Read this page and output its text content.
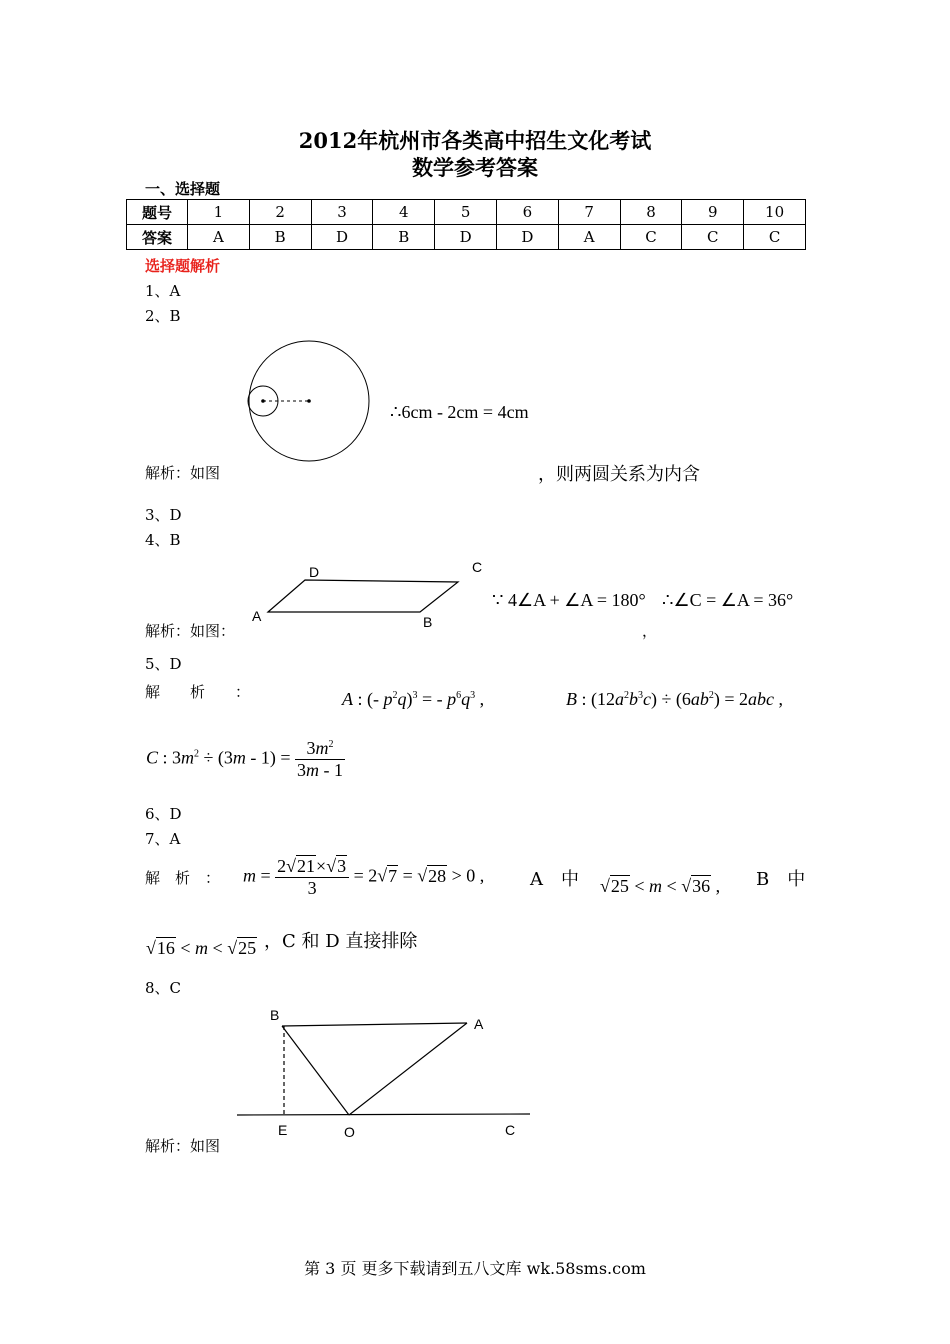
2012年杭州市各类高中招生文化考试
数学参考答案
一、选择题
题号	1	2	3	4	5	6	7	8	9	10
答案	A	B	D	B	D	D	A	C	C	C
选择题解析
1、A
2、B
∴6cm - 2cm = 4cm
解析：如图	，则两圆关系为内含
3、D
4、B
A
D	C
B
∵ 4∠A + ∠A = 180° ∴∠C = ∠A = 36°
，
解析：如图：
5、D
解　　析　　：	A : (- $p^2q)^3$ = - $p^6q^3$ ,	B : $(12a^2b^3c) \div (6ab^2) = 2abc$ ,
C : $3m^2 \div (3m - 1) = \frac{3m^2}{3m - 1}$
6、D
7、A
解　析　： $m = \frac{2√21\times√3}{3} = 2√7 = √28 > 0$ ,	A　中 √25 < m < √36 , B　中
√16 < m < √25 ，C 和 D 直接排除
8、C
B
A
E	O	C
解析：如图
第 3 页 更多下载请到五八文库 wk.58sms.com
